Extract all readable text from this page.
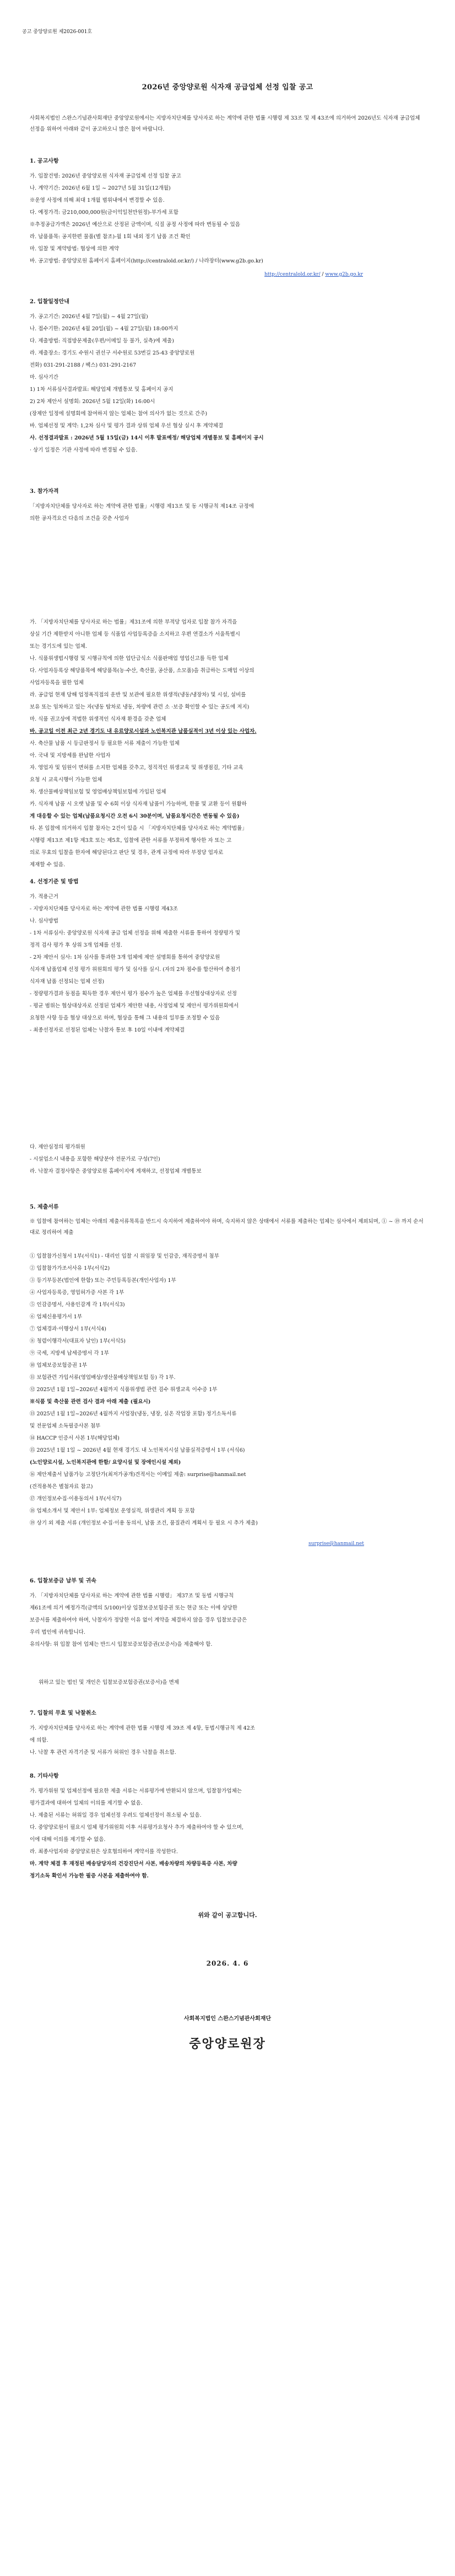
공고 중앙양로원 제2026-001호
2026년 중앙양로원 식자재 공급업체 선정 입찰 공고

사회복지법인 스완스기념관사회재단 중앙양로원에서는 지방자치단체를 당사자로 하는 계약에 관한 법률 시행령 제 33조 및 제 43조에 의거하여 2026년도 식자재 공급업체 선정을 위하여 아래와 같이 공고하오니 많은 참여 바랍니다.

1. 공고사항
가. 입찰건명: 2026년 중앙양로원 식자재 공급업체 선정 입찰 공고
나. 계약기간: 2026년 6월 1일 ~ 2027년 5월 31일(12개월)
※운영 사정에 의해 최대 1개월 범위내에서 변경할 수 있음.
다. 예정가격: 금210,000,000원(금이억일천만원정)-부가세 포함
※추정공급가액은 2026년 예산으로 산정된 금액이며, 식질 공정 사정에 따라 변동될 수 있음
라. 납품품목: 공지한편 물품(별 참조)-월 1회 내외 정기 납품 조건 확인
마. 입찰 및 계약방법: 협상에 의한 계약
바. 공고방법: 중앙양로원 홈페이지 홈페이지(http://centralold.or.kr/) / 나라장터(www.g2b.go.kr)
http://centralold.or.kr/ / www.g2b.go.kr
2. 입찰일정안내
가. 공고기간: 2026년 4월 7일(월) ~ 4월 27일(월)
나. 접수기한: 2026년 4월 20일(월) ~ 4월 27일(월) 18:00까지
다. 제출방법: 직접방문제출(우편/이메일 등 불가, 실측)에 제출)
라. 제출장소: 경기도 수원시 권선구 서수원로 53번길 25-43 중앙양로원
전화) 031-291-2188 / 팩스) 031-291-2167
마. 심사기간
1) 1차 서류심사결과발표: 해당업체 개별통보 및 홈페이지 공지
2) 2차 제안서 설명회: 2026년 5월 12일(화) 16:00시
(장제안 일정에 설명회에 참여하지 않는 업체는 참여 의사가 없는 것으로 간주)
바. 업체선정 및 계약: 1,2차 심사 및 평가 결과 상위 업체 우선 협상 실시 후 계약체결
사. 선정결과발표 : 2026년 5월 15일(금) 14시 이후 발표예정/ 해당업체 개별통보 및 홈페이지 공시
· 상기 일정은 기관 사정에 따라 변경될 수 있음.
3. 참가자격
「지방자치단체를 당사자로 하는 계약에 관한 법률」시행령 제13조 및 동 시행규칙 제14조 규정에
의한 공자격요건 다음의 조건을 갖춘 사업자
가. 「지방자치단체를 당사자로 하는 법률」제31조에 의한 부적당 업자로 입찰 참가 자격을
상실 기간 제한받지 아니한 업체 등 식품업 사업등록증을 소지하고 우편 연결소가 서울특별시
또는 경기도에 있는 업체.
나. 식품위생법시행령 및 시행규칙에 의한 업단급식소 식품판매업 영업신고를 득한 업체
다. 사업자등록상 해당품목에 해당품목(농·수산, 축산물, 공산품, 소모품)을 취급하는 도매업 이상의
사업자등록을 필한 업체
라. 공급업 현재 당해 업정폭직접의 운반 및 보관에 필요한 위생적(냉동/냉장차) 및 시설, 설비를
보유 또는 임차하고 있는 자(냉동 탑차로 냉동, 차량에 관련 소 ·보증 확인할 수 있는 공도에 저지)
마. 식품 권고상에 적법한 위생적인 식자재 환경을 갖춘 업체
바. 공고일 이전 최근 2년 경기도 내 유료양로시설과 노인복지관 납품실적이 3년 이상 있는 사업자.
사. 축산물 납품 시 등급판정서 등 필요한 서류 제출이 가능한 업체
아. 국내 및 지방세를 완납한 사업자
자. 영업자 및 임원이 면허를 소지한 업체를 갖추고, 정직적인 위생교육 및 위생점검, 기타 교육
요청 시 교육시행이 가능한 업체
차. 생산물배상책임보험 및 영업배상책임보험에 가입된 업체
카. 식자재 납품 시 오랫 납품 및 수 6회 이상 식자재 납품이 가능하며, 한품 및 교환 등이 원활하
게 대응할 수 있는 업체(납품요청시간 오전 6시 30분이며, 납품요청시간은 변동될 수 있음)
타. 본 입찰에 의거하지 입찰 참자는 2건이 있을 시 「지방자치단체를 당사자로 하는 계약법률」
시행령 제13조 제1항 제3호 또는 제5호, 입찰에 관한 서류를 부정하게 행사한 자 또는 고
의로 무효의 입찰을 한자에 해당된다고 판단 및 경우, 관계 규정에 따라 부정당 업자로
제재할 수 있음.
4. 선정기준 및 방법
가. 적용근거
- 지방자치단체를 당사자로 하는 계약에 관한 법률 시행령 제43조
나. 심사방법
- 1차 서류심사: 중앙양로원 식자재 공급 업체 선정을 위해 제출한 서류를 통하여 정량평가 및
정적 검사 평가 후 상위 3개 업체를 선정.
- 2차 제안서 심사: 1차 심사를 통과한 3개 업체에 제안 설명회를 통하여 중앙양로원
식자재 납품업체 선정 평가 위원회의 평가 및 심사를 실시. (자의 2차 점수를 합산하여 총점기
식자재 납품 선정되는 업체 선정)
- 정량평가결과 동점을 획득한 경우 제안서 평가 점수가 높은 업체를 우선협상대상자로 선정
- 평균 범위는 협상대상자로 선정된 업체가 제안한 내용, 사정업체 및 제안서 평가위원회에서
요청한 사항 등을 협상 대상으로 하며, 협상을 통해 그 내용의 일부를 조정할 수 있음
- 최종선정자로 선정된 업체는 낙찰자 통보 후 10일 이내에 계약체결
다. 제안심정의 평가위원
- 시설업소시 내용을 포함한 해당분야 전문가로 구성(7인)
라. 낙찰자 결정사항은 중앙양로원 홈페이지에 게재하고, 선정업체 개별통보
5. 제출서류

※ 입찰에 참여하는 업체는 아래의 제출서류목록을 반드시 숙지하여 제출하여야 하며, 숙지하지 않은 상태에서 서류를 제출하는 업체는 심사에서 제외되며, ① ~ ⑲ 까지 순서대로 정리하여 제출

① 입찰참가신청서 1부(서식1) - 대리인 입찰 시 위임장 및 인감증, 재직증명서 첨부
② 입찰참가가조서사유 1부(서식2)
③ 등기부등본(법인에 한함) 또는 주민등록등본(개인사업자) 1부
④ 사업자등록증, 영업허가증 사본 각 1부
⑤ 인감증명서, 사용인감계 각 1부(서식3)
⑥ 업체신용평가서 1부
⑦ 업체경과·이행상서 1부(서식4)
⑧ 청렴이행각서(대표자 날인) 1부(서식5)
⑨ 국세, 지방세 납세증명서 각 1부
⑩ 업체보증보험증권 1부
⑪ 보험관련 가입서류(영업배상/생산물배상책임보험 등) 각 1부.
⑫ 2025년 1월 1일~2026년 4월까지 식품위생법 관련 검수 위생교육 이수증 1부
※식품 및 축산물 관련 검사 결과 아래 제출 (필요시)
⑬ 2025년 1월 1일~2026년 4월까지 사업장(냉동, 냉장, 실온 작업장 포함) 정기소독서류
및 전문업체 소독필증사본 첨부
⑭ HACCP 인증서 사본 1부(해당업체)
⑮ 2025년 1월 1일 ~ 2026년 4월 현재 경기도 내 노인복지시설 납품실적증명서 1부 (서식6)
(노인양로시설, 노인복지관에 한함/ 요양시설 및 장애인시설 제외)
⑯ 제안제출서 납품가능 고정단가(최저가공개)견적서는 이메일 제출: surprise@hanmail.net
(견적용복은 별첨자료 참고)
⑰ 개인정보수집·이용동의서 1부(서식7)
⑱ 업체소개서 및 제안서 1부: 업체정보 운영실적, 위생관리 계획 등 포함
⑲ 상기 외 제출 서류 (개인정보 수집·이용 동의서, 납품 조건, 품질관리 계획서 등 필요 시 추가 제출)
surprise@hanmail.net
6. 입찰보증금 납부 및 귀속
가. 「지방자치단체를 당사자로 하는 계약에 관한 법률 시행령」 제37조 및 동법 시행규칙
제61조에 의거 예정가격(금액의 5/100)이상 입찰보증보험증권 또는 현금 또는 이에 상당한
보증서를 제출하여야 하며, 낙찰자가 정당한 이유 없이 계약을 체결하지 않을 경우 입찰보증금은
우리 법인에 귀속합니다.
유의사항: 위 입찰 참여 업체는 반드시 입찰보증보험증권(보증서)을 제출해야 함.
위하고 있는 법인 및 개인은 입찰보증보험증권(보증서)을 면제
7. 입찰의 무효 및 낙찰취소
가. 지방자치단체를 당사자로 하는 계약에 관한 법률 시행령 제 39조 제 4항, 동법시행규칙 제 42조
에 의함.
나. 낙찰 후 관련 자격기준 및 서류가 허위인 경우 낙찰을 취소함.
8. 기타사항
가. 평가위원 및 업체선정에 필요한 제출 서류는 서류평가에 반환되지 않으며, 입찰참가업체는
평가결과에 대하여 일체의 이의를 제기할 수 없음.
나. 제출된 서류는 허위일 경우 업체선정 우려도 업체선정이 취소될 수 있음.
다. 중앙양로원이 필요시 업체 평가위원회 이후 서류평가요청사 추가 제출하여야 할 수 있으며,
이에 대해 이의를 제기할 수 없음.
라. 최종사업자와 중앙양로원은 상호협의하여 계약서를 작성한다.
마. 계약 체결 후 재정된 배송담당자의 건강진단서 사본, 배송차량의 차량등록증 사본, 차량
정기소독 확인서 가능한 필증 사본을 제출하여야 함.
위와 같이 공고합니다.
2026. 4. 6
사회복지법인 스완스기념관사회재단
중앙양로원장
